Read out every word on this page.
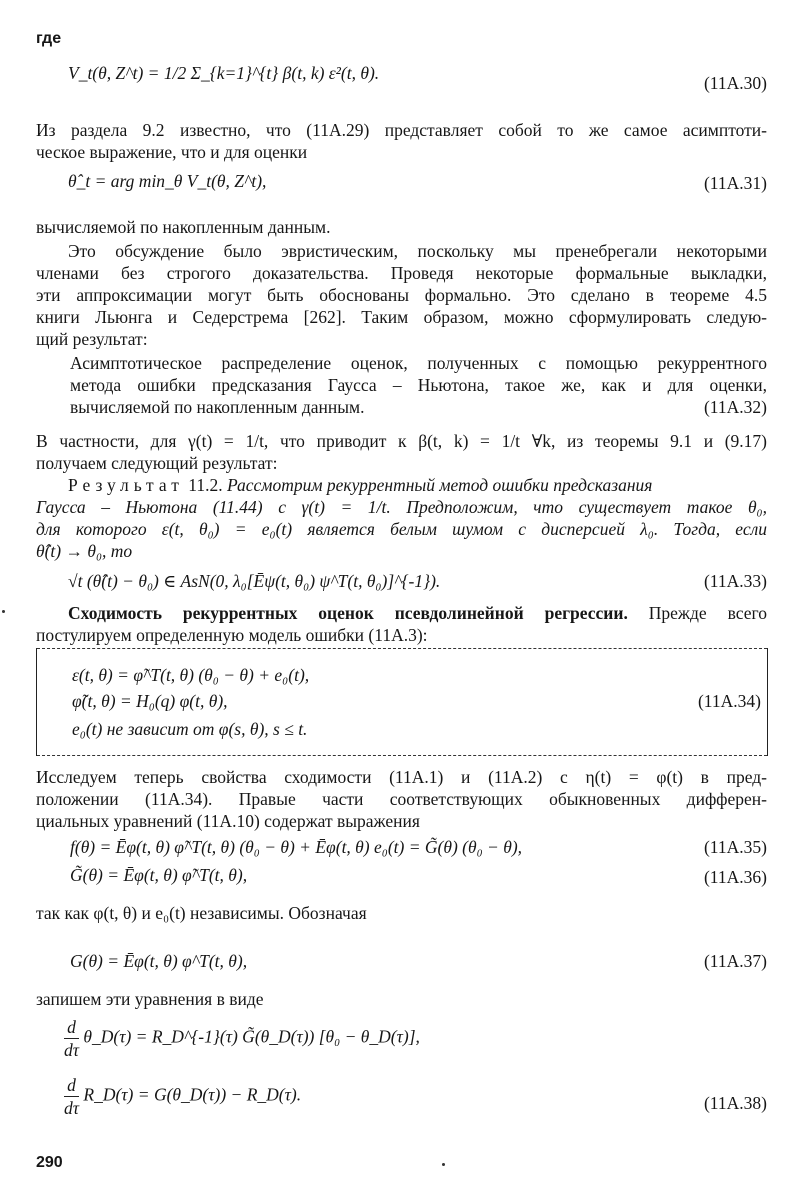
где
V_t(θ, Z^t) = 1/2 Σ_{k=1}^{t} β(t, k) ε²(t, θ).	(11A.30)
Из раздела 9.2 известно, что (11A.29) представляет собой то же самое асимптоти-
ческое выражение, что и для оценки
θ̂_t = arg min_θ V_t(θ, Z^t),	(11A.31)
вычисляемой по накопленным данным.
Это обсуждение было эвристическим, поскольку мы пренебрегали некоторыми
членами без строгого доказательства. Проведя некоторые формальные выкладки,
эти аппроксимации могут быть обоснованы формально. Это сделано в теореме 4.5
книги Льюнга и Седерстрема [262]. Таким образом, можно сформулировать следую-
щий результат:
Асимптотическое распределение оценок, полученных с помощью рекуррентного
метода ошибки предсказания Гаусса – Ньютона, такое же, как и для оценки,
вычисляемой по накопленным данным.	(11A.32)
В частности, для γ(t) = 1/t, что приводит к β(t, k) = 1/t ∀k, из теоремы 9.1 и (9.17)
получаем следующий результат:
Результат 11.2. Рассмотрим рекуррентный метод ошибки предсказания
Гаусса – Ньютона (11.44) с γ(t) = 1/t. Предположим, что существует такое θ₀,
для которого ε(t, θ₀) = e₀(t) является белым шумом с дисперсией λ₀. Тогда, если
θ̂(t) → θ₀, то
√t (θ̂(t) − θ₀) ∈ AsN(0, λ₀[Ēψ(t, θ₀) ψ^T(t, θ₀)]^{-1}).	(11A.33)
Сходимость рекуррентных оценок псевдолинейной регрессии. Прежде всего
постулируем определенную модель ошибки (11A.3):
ε(t, θ) = φ̃^T(t, θ) (θ₀ − θ) + e₀(t),
φ̃(t, θ) = H₀(q) φ(t, θ),	(11A.34)
e₀(t) не зависит от φ(s, θ), s ≤ t.
Исследуем теперь свойства сходимости (11A.1) и (11A.2) с η(t) = φ(t) в пред-
положении (11A.34). Правые части соответствующих обыкновенных дифферен-
циальных уравнений (11A.10) содержат выражения
f(θ) = Ēφ(t, θ) φ̃^T(t, θ) (θ₀ − θ) + Ēφ(t, θ) e₀(t) = G̃(θ) (θ₀ − θ),	(11A.35)
G̃(θ) = Ēφ(t, θ) φ̃^T(t, θ),	(11A.36)
так как φ(t, θ) и e₀(t) независимы. Обозначая
G(θ) = Ēφ(t, θ) φ^T(t, θ),	(11A.37)
запишем эти уравнения в виде
$\frac{d}{d\tau}$ θ_D(τ) = R_D^{-1}(τ) G̃(θ_D(τ)) [θ₀ − θ_D(τ)],
$\frac{d}{d\tau}$ R_D(τ) = G(θ_D(τ)) − R_D(τ).	(11A.38)
290
